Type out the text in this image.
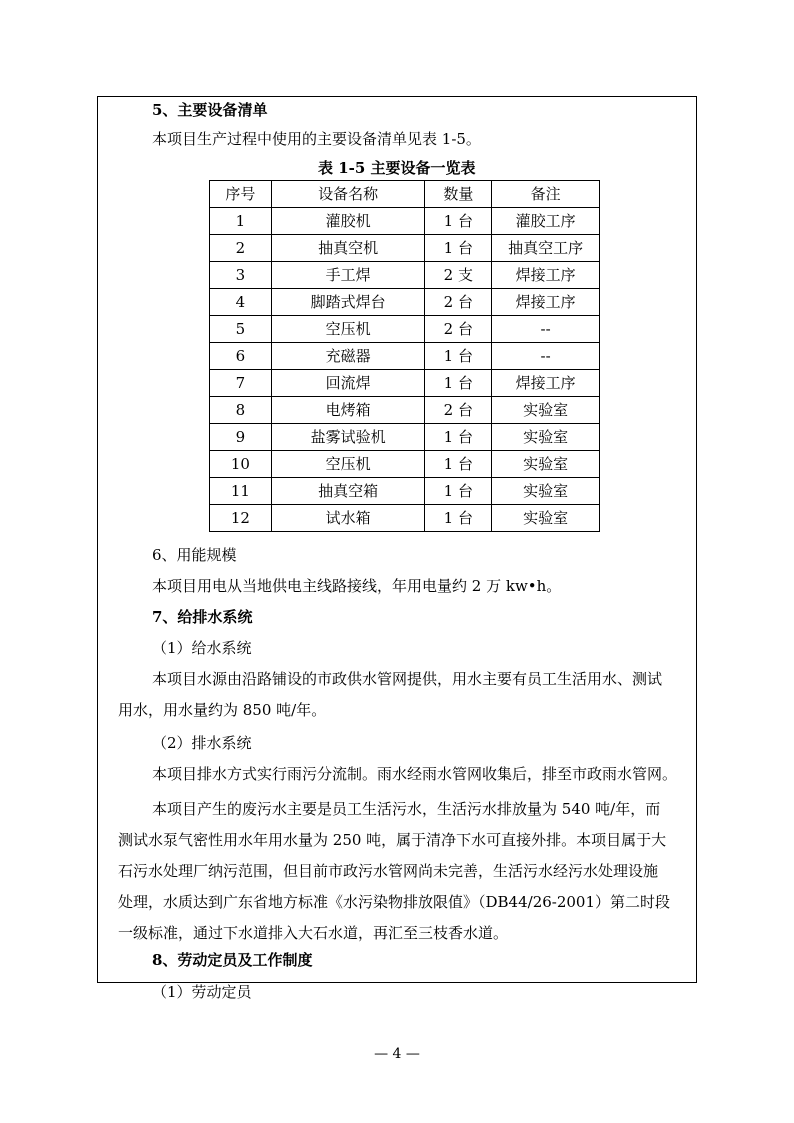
5、主要设备清单
本项目生产过程中使用的主要设备清单见表 1-5。
表 1-5 主要设备一览表
序号	设备名称	数量	备注
1	灌胶机	1 台	灌胶工序
2	抽真空机	1 台	抽真空工序
3	手工焊	2 支	焊接工序
4	脚踏式焊台	2 台	焊接工序
5	空压机	2 台	--
6	充磁器	1 台	--
7	回流焊	1 台	焊接工序
8	电烤箱	2 台	实验室
9	盐雾试验机	1 台	实验室
10	空压机	1 台	实验室
11	抽真空箱	1 台	实验室
12	试水箱	1 台	实验室
6、用能规模
本项目用电从当地供电主线路接线，年用电量约 2 万 kw•h。
7、给排水系统
（1）给水系统
本项目水源由沿路铺设的市政供水管网提供，用水主要有员工生活用水、测试
用水，用水量约为 850 吨/年。
（2）排水系统
本项目排水方式实行雨污分流制。雨水经雨水管网收集后，排至市政雨水管网。
本项目产生的废污水主要是员工生活污水，生活污水排放量为 540 吨/年，而
测试水泵气密性用水年用水量为 250 吨，属于清净下水可直接外排。本项目属于大
石污水处理厂纳污范围，但目前市政污水管网尚未完善，生活污水经污水处理设施
处理，水质达到广东省地方标准《水污染物排放限值》（DB44/26-2001）第二时段
一级标准，通过下水道排入大石水道，再汇至三枝香水道。
8、劳动定员及工作制度
（1）劳动定员
— 4 —
